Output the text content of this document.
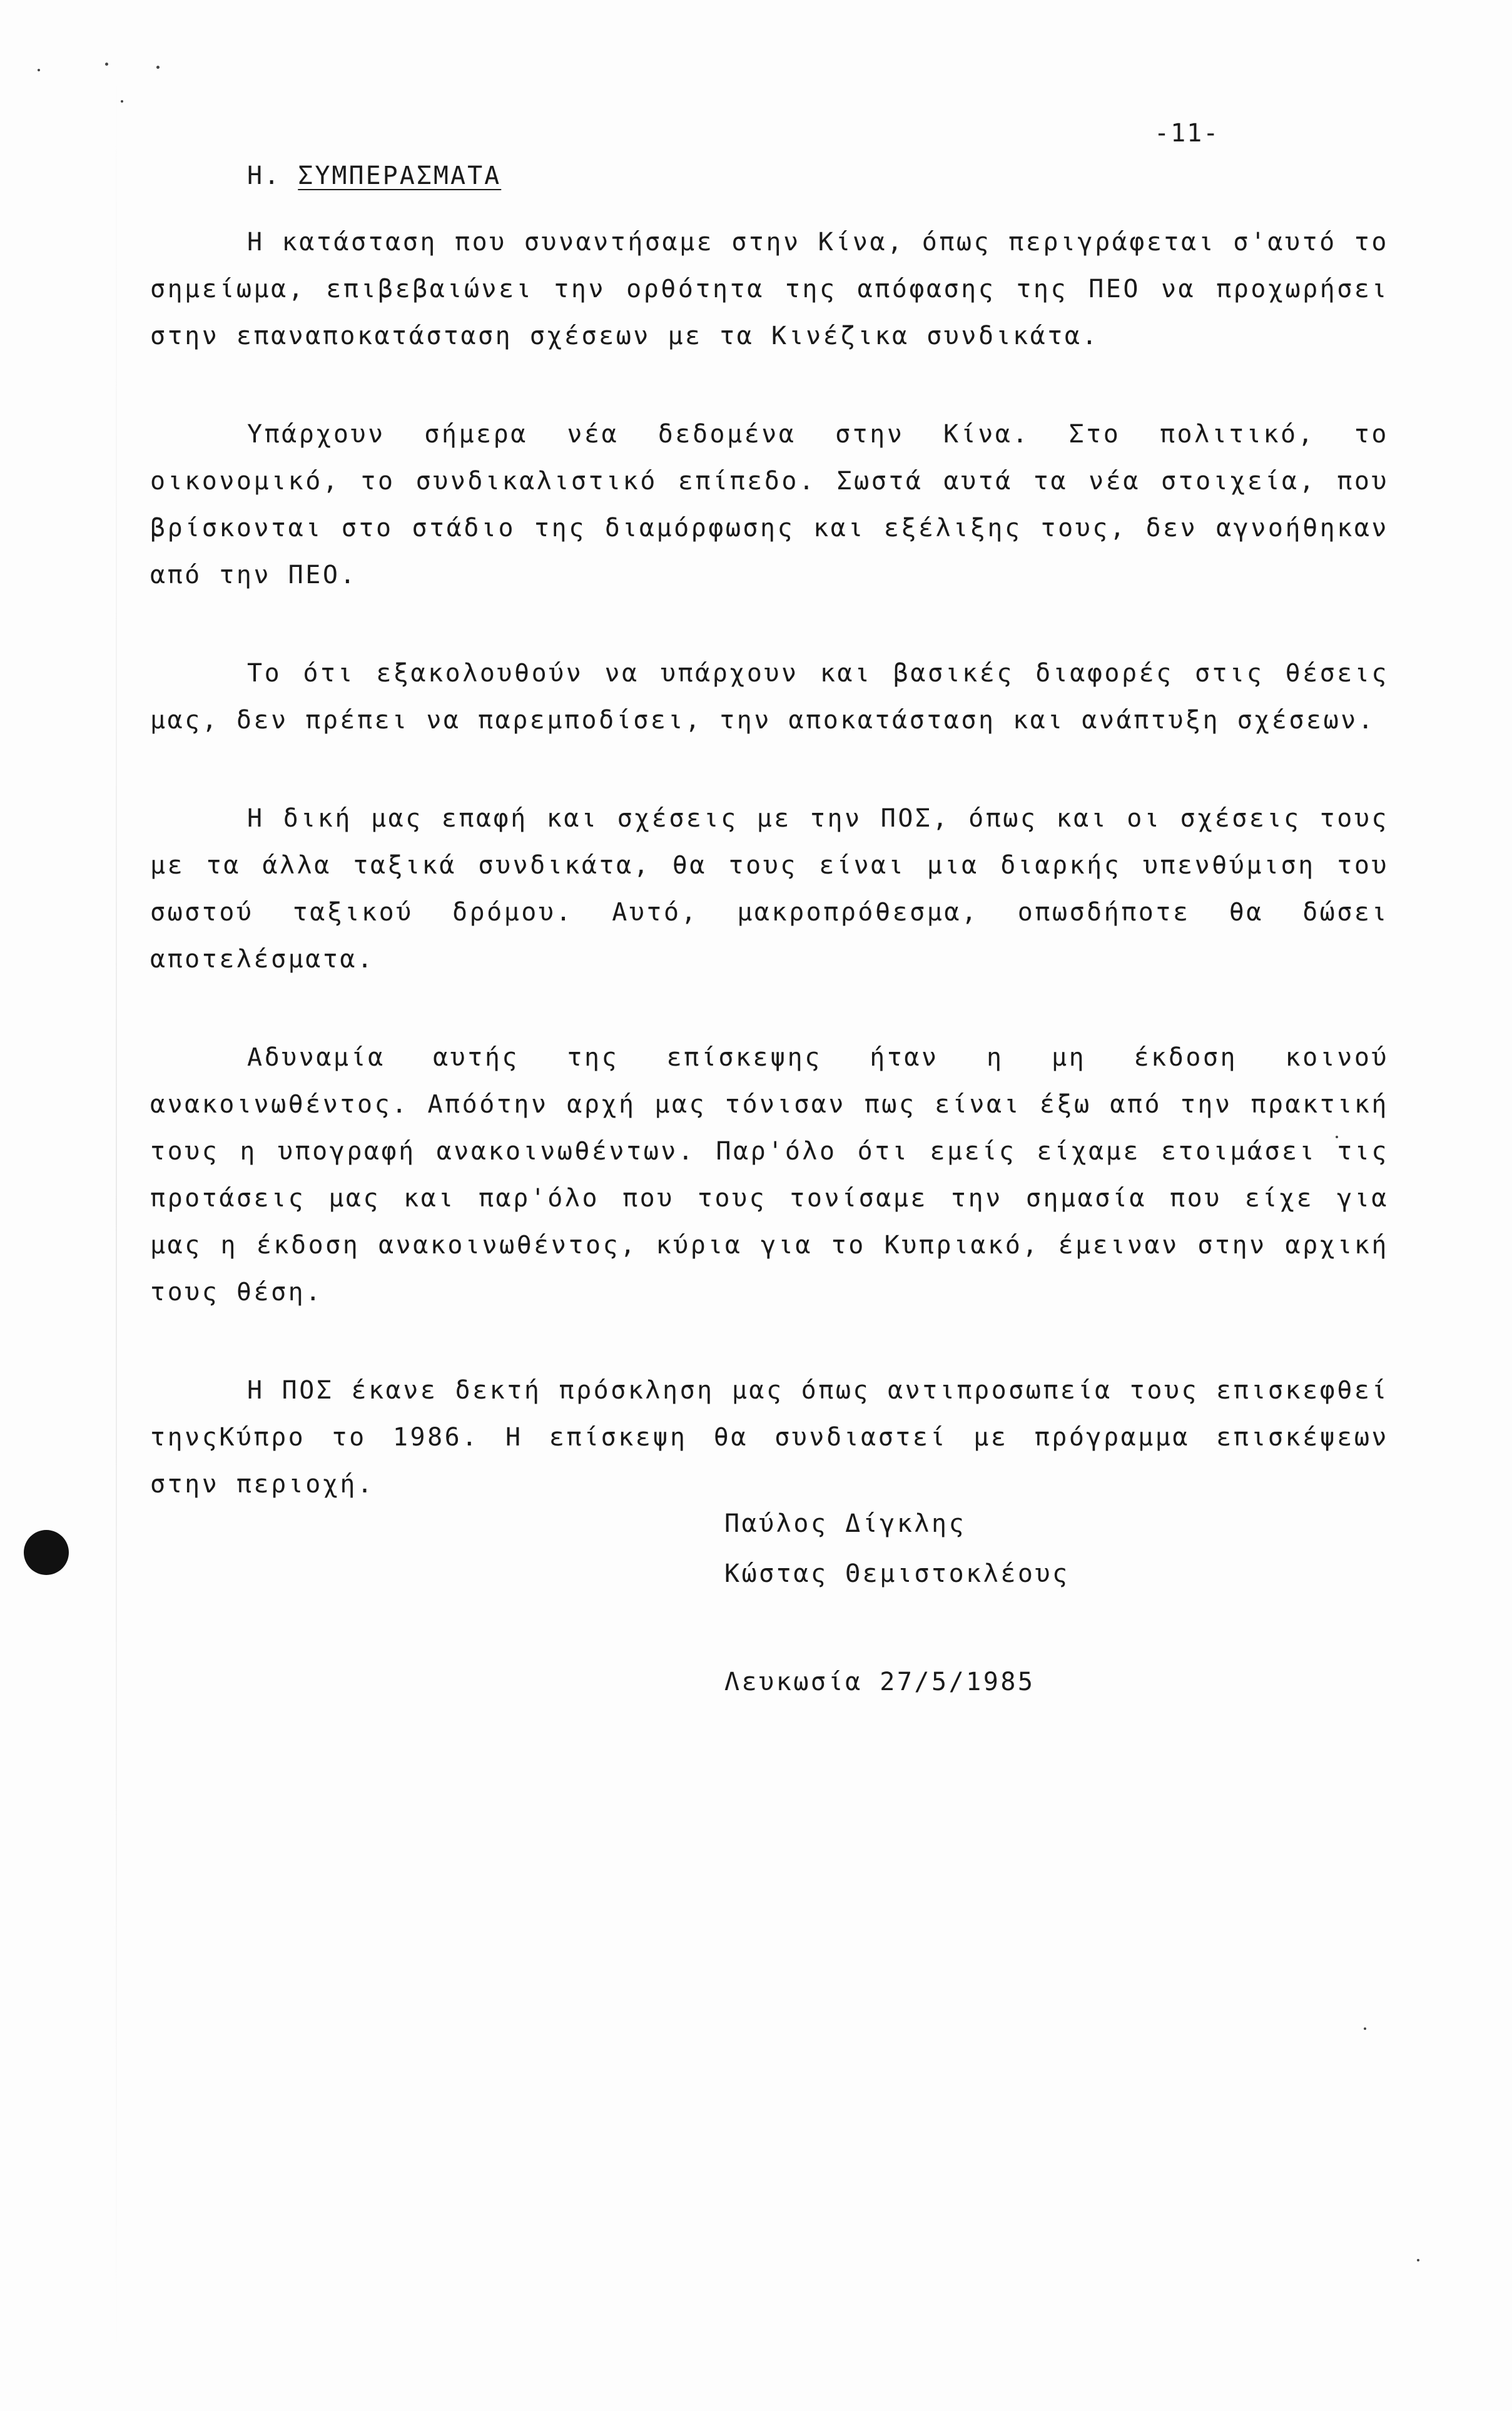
-11-
Η. ΣΥΜΠΕΡΑΣΜΑΤΑ

Η κατάσταση που συναντήσαμε στην Κίνα, όπως περιγράφεται σ'αυτό το σημείωμα, επιβεβαιώνει την ορθότητα της απόφασης της ΠΕΟ να προχωρήσει στην επαναποκατάσταση σχέσεων με τα Κινέζικα συνδικάτα.

Υπάρχουν σήμερα νέα δεδομένα στην Κίνα. Στο πολιτικό, το οικονομικό, το συνδικαλιστικό επίπεδο. Σωστά αυτά τα νέα στοιχεία, που βρίσκονται στο στάδιο της διαμόρφωσης και εξέλιξης τους, δεν αγνοήθηκαν από την ΠΕΟ.

Το ότι εξακολουθούν να υπάρχουν και βασικές διαφορές στις θέσεις μας, δεν πρέπει να παρεμποδίσει, την αποκατάσταση και ανάπτυξη σχέσεων.

Η δική μας επαφή και σχέσεις με την ΠΟΣ, όπως και οι σχέσεις τους με τα άλλα ταξικά συνδικάτα, θα τους είναι μια διαρκής υπενθύμιση του σωστού ταξικού δρόμου. Αυτό, μακροπρόθεσμα, οπωσδήποτε θα δώσει αποτελέσματα.

Αδυναμία αυτής της επίσκεψης ήταν η μη έκδοση κοινού ανακοινωθέντος. Απόότην αρχή μας τόνισαν πως είναι έξω από την πρακτική τους η υπογραφή ανακοινωθέντων. Παρ'όλο ότι εμείς είχαμε ετοιμάσει τις προτάσεις μας και παρ'όλο που τους τονίσαμε την σημασία που είχε για μας η έκδοση ανακοινωθέντος, κύρια για το Κυπριακό, έμειναν στην αρχική τους θέση.

Η ΠΟΣ έκανε δεκτή πρόσκληση μας όπως αντιπροσωπεία τους επισκεφθεί τηνςΚύπρο το 1986. Η επίσκεψη θα συνδιαστεί με πρόγραμμα επισκέψεων στην περιοχή.

Παύλος Δίγκλης
Κώστας Θεμιστοκλέους
Λευκωσία 27/5/1985
